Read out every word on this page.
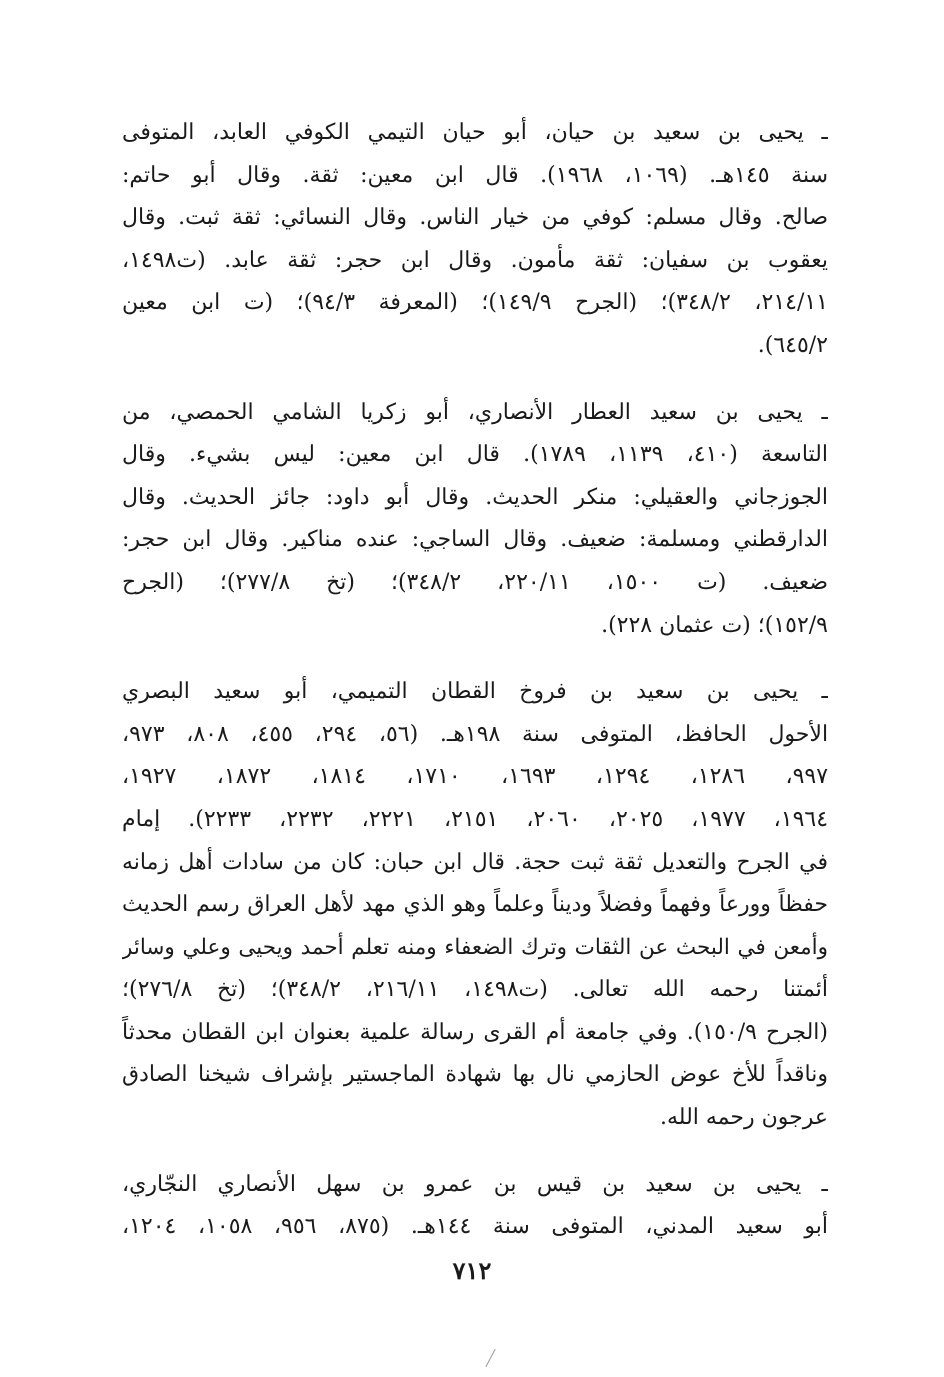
ـ يحيى بن سعيد بن حيان، أبو حيان التيمي الكوفي العابد، المتوفى
سنة ١٤٥هـ. (١٠٦٩، ١٩٦٨). قال ابن معين: ثقة. وقال أبو حاتم:
صالح. وقال مسلم: كوفي من خيار الناس. وقال النسائي: ثقة ثبت. وقال
يعقوب بن سفيان: ثقة مأمون. وقال ابن حجر: ثقة عابد. (ت١٤٩٨،
٢١٤/١١، ٣٤٨/٢)؛ (الجرح ١٤٩/٩)؛ (المعرفة ٩٤/٣)؛ (ت ابن معين
٦٤٥/٢).
ـ يحيى بن سعيد العطار الأنصاري، أبو زكريا الشامي الحمصي، من
التاسعة (٤١٠، ١١٣٩، ١٧٨٩). قال ابن معين: ليس بشيء. وقال
الجوزجاني والعقيلي: منكر الحديث. وقال أبو داود: جائز الحديث. وقال
الدارقطني ومسلمة: ضعيف. وقال الساجي: عنده مناكير. وقال ابن حجر:
ضعيف. (ت ١٥٠٠، ٢٢٠/١١، ٣٤٨/٢)؛ (تخ ٢٧٧/٨)؛ (الجرح
١٥٢/٩)؛ (ت عثمان ٢٢٨).
ـ يحيى بن سعيد بن فروخ القطان التميمي، أبو سعيد البصري
الأحول الحافظ، المتوفى سنة ١٩٨هـ. (٥٦، ٢٩٤، ٤٥٥، ٨٠٨، ٩٧٣،
٩٩٧، ١٢٨٦، ١٢٩٤، ١٦٩٣، ١٧١٠، ١٨١٤، ١٨٧٢، ١٩٢٧،
١٩٦٤، ١٩٧٧، ٢٠٢٥، ٢٠٦٠، ٢١٥١، ٢٢٢١، ٢٢٣٢، ٢٢٣٣). إمام
في الجرح والتعديل ثقة ثبت حجة. قال ابن حبان: كان من سادات أهل زمانه
حفظاً وورعاً وفهماً وفضلاً وديناً وعلماً وهو الذي مهد لأهل العراق رسم الحديث
وأمعن في البحث عن الثقات وترك الضعفاء ومنه تعلم أحمد ويحيى وعلي وسائر
أئمتنا رحمه الله تعالى. (ت١٤٩٨، ٢١٦/١١، ٣٤٨/٢)؛ (تخ ٢٧٦/٨)؛
(الجرح ١٥٠/٩). وفي جامعة أم القرى رسالة علمية بعنوان ابن القطان محدثاً
وناقداً للأخ عوض الحازمي نال بها شهادة الماجستير بإشراف شيخنا الصادق
عرجون رحمه الله.
ـ يحيى بن سعيد بن قيس بن عمرو بن سهل الأنصاري النجّاري،
أبو سعيد المدني، المتوفى سنة ١٤٤هـ. (٨٧٥، ٩٥٦، ١٠٥٨، ١٢٠٤،
٧١٢
